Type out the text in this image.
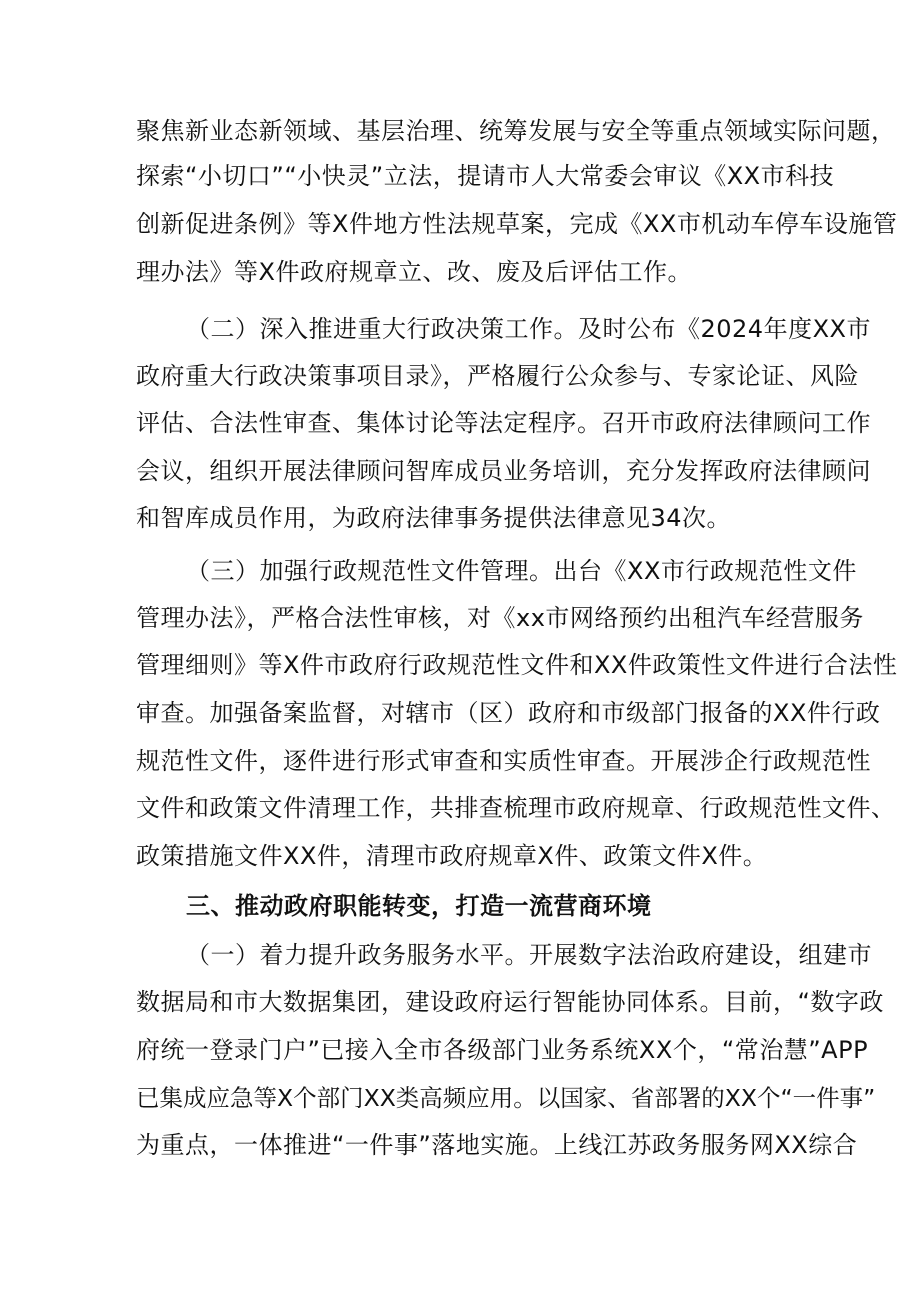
聚焦新业态新领域、基层治理、统筹发展与安全等重点领域实际问题，
探索“小切口”“小快灵”立法，提请市人大常委会审议《XX市科技
创新促进条例》等X件地方性法规草案，完成《XX市机动车停车设施管
理办法》等X件政府规章立、改、废及后评估工作。
（二）深入推进重大行政决策工作。及时公布《2024年度XX市
政府重大行政决策事项目录》，严格履行公众参与、专家论证、风险
评估、合法性审查、集体讨论等法定程序。召开市政府法律顾问工作
会议，组织开展法律顾问智库成员业务培训，充分发挥政府法律顾问
和智库成员作用，为政府法律事务提供法律意见34次。
（三）加强行政规范性文件管理。出台《XX市行政规范性文件
管理办法》，严格合法性审核，对《xx市网络预约出租汽车经营服务
管理细则》等X件市政府行政规范性文件和XX件政策性文件进行合法性
审查。加强备案监督，对辖市（区）政府和市级部门报备的XX件行政
规范性文件，逐件进行形式审查和实质性审查。开展涉企行政规范性
文件和政策文件清理工作，共排查梳理市政府规章、行政规范性文件、
政策措施文件XX件，清理市政府规章X件、政策文件X件。
三、推动政府职能转变，打造一流营商环境
（一）着力提升政务服务水平。开展数字法治政府建设，组建市
数据局和市大数据集团，建设政府运行智能协同体系。目前，“数字政
府统一登录门户”已接入全市各级部门业务系统XX个，“常治慧”APP
已集成应急等X个部门XX类高频应用。以国家、省部署的XX个“一件事”
为重点，一体推进“一件事”落地实施。上线江苏政务服务网XX综合
